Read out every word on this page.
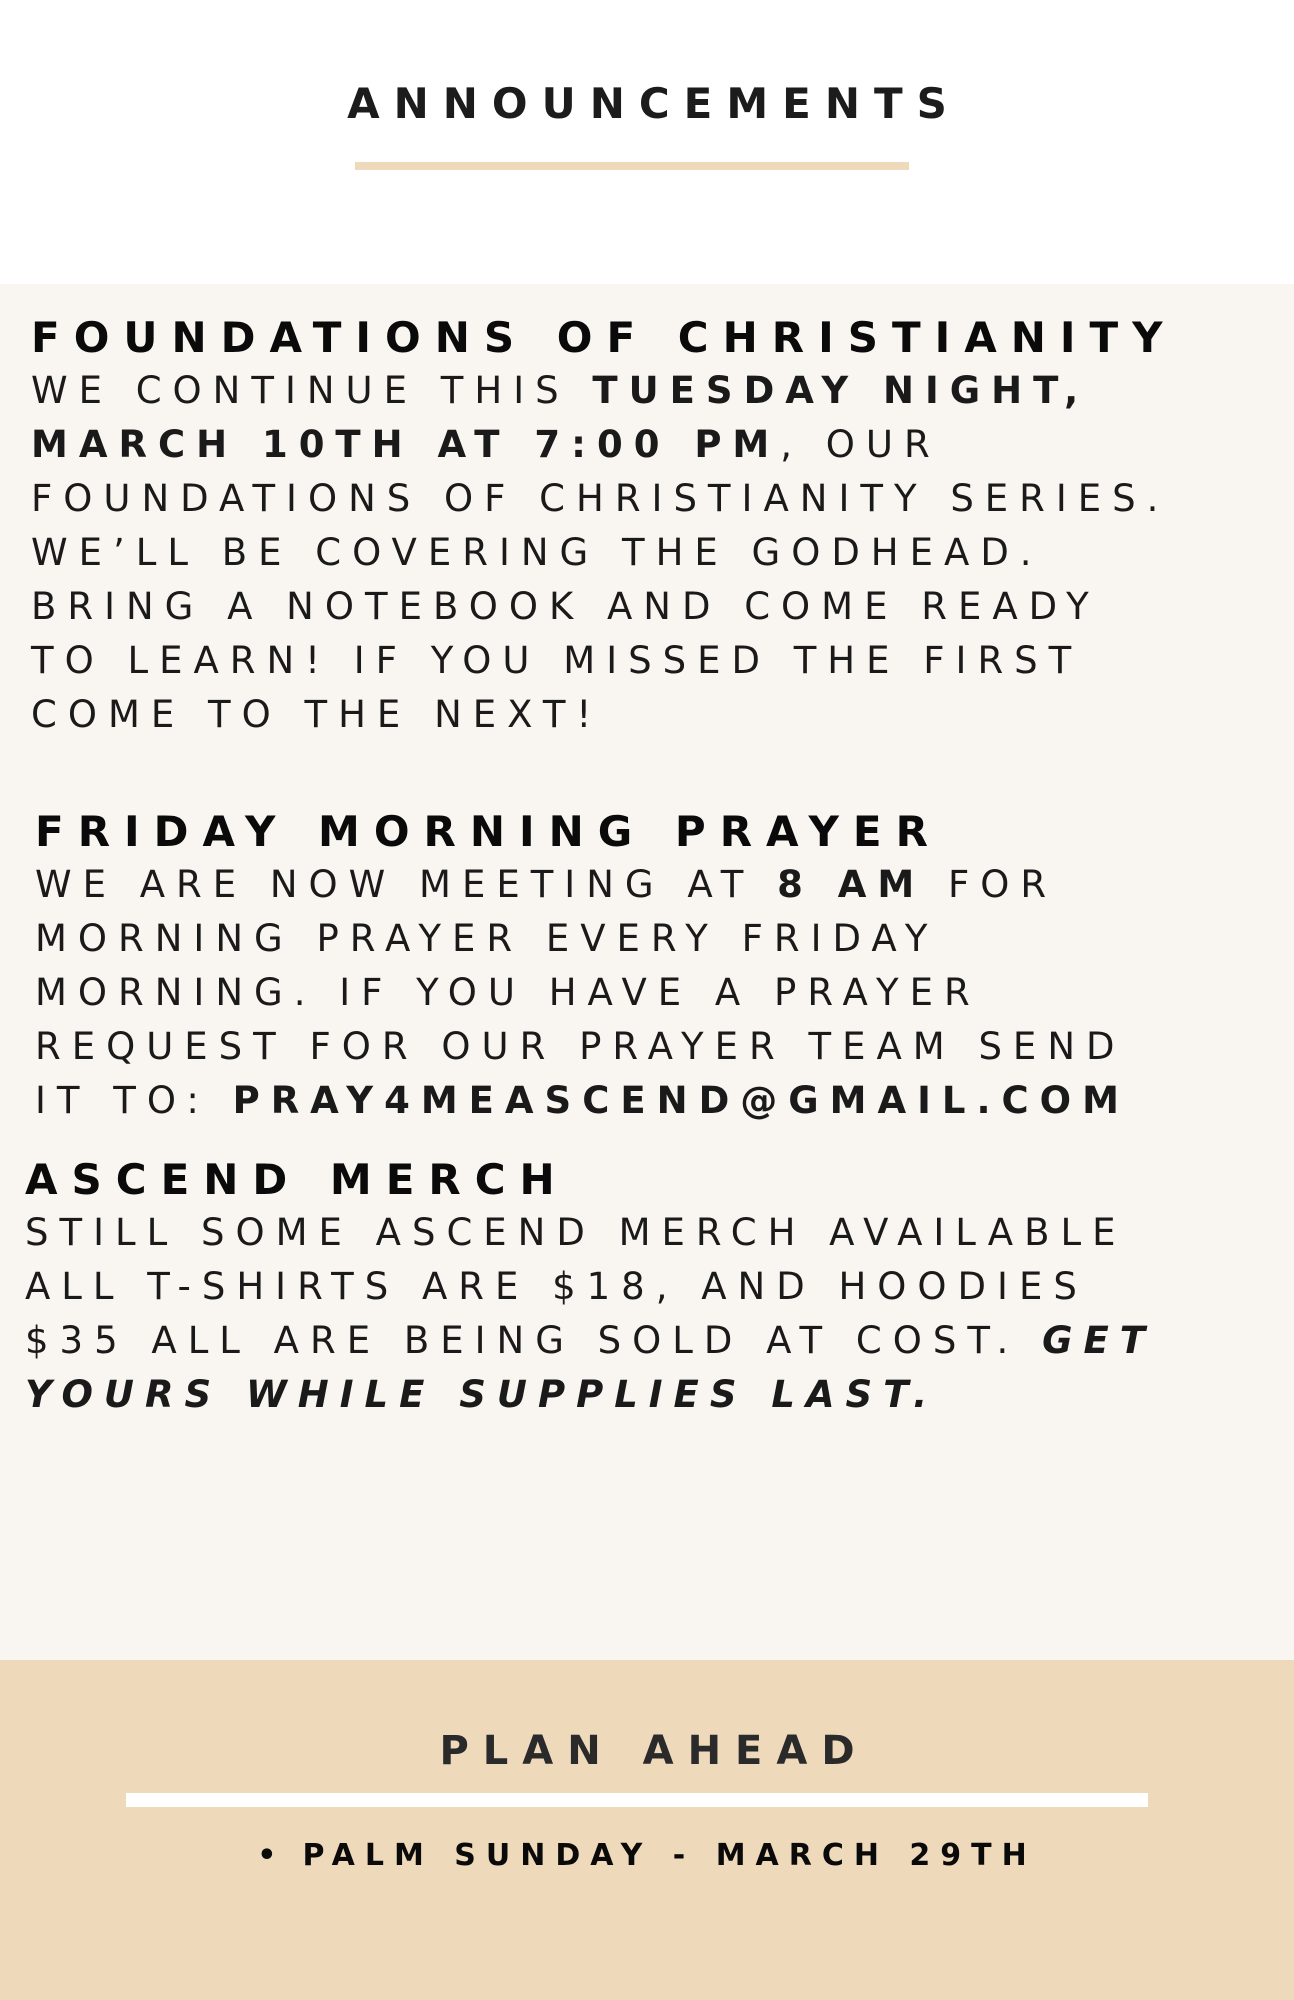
ANNOUNCEMENTS
FOUNDATIONS OF CHRISTIANITY
WE CONTINUE THIS TUESDAY NIGHT,
MARCH 10TH AT 7:00 PM, OUR
FOUNDATIONS OF CHRISTIANITY SERIES.
WE’LL BE COVERING THE GODHEAD.
BRING A NOTEBOOK AND COME READY
TO LEARN! IF YOU MISSED THE FIRST
COME TO THE NEXT!
FRIDAY MORNING PRAYER
WE ARE NOW MEETING AT 8 AM FOR
MORNING PRAYER EVERY FRIDAY
MORNING. IF YOU HAVE A PRAYER
REQUEST FOR OUR PRAYER TEAM SEND
IT TO: PRAY4MEASCEND@GMAIL.COM
ASCEND MERCH
STILL SOME ASCEND MERCH AVAILABLE
ALL T-SHIRTS ARE $18, AND HOODIES
$35 ALL ARE BEING SOLD AT COST. GET
YOURS WHILE SUPPLIES LAST.
PLAN AHEAD
• PALM SUNDAY - MARCH 29TH
